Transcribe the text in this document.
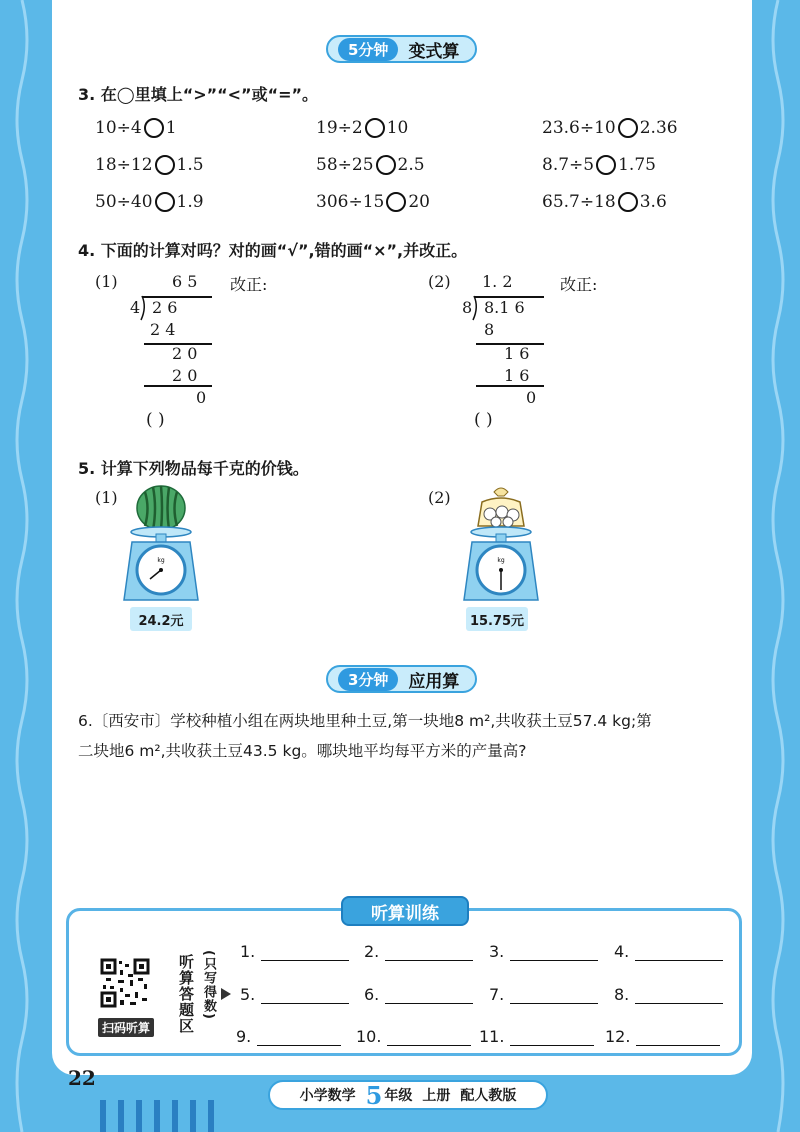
5分钟	变式算
3. 在◯里填上“>”“<”或“=”。
10÷4 1	19÷2 10	23.6÷10 2.36
18÷12 1.5	58÷25 2.5	8.7÷5 1.75
50÷40 1.9	306÷15 20	65.7÷18 3.6
4. 下面的计算对吗？对的画“√”,错的画“×”,并改正。
(1)	6 5
4 2 6
2 4
2 0
2 0
0
改正:
( )
(2) 1. 2
8 8.1 6
8
1 6
1 6
0
改正:
( )
5. 计算下列物品每千克的价钱。
(1)	(2)
kg
24.2元
kg
15.75元
3分钟	应用算
6.〔西安市〕学校种植小组在两块地里种土豆,第一块地8 m²,共收获土豆57.4 kg;第
二块地6 m²,共收获土豆43.5 kg。哪块地平均每平方米的产量高?
听算训练
扫码听算 听算答题区 (只写得数) 1.	2.	3.	4.
5.	6.	7.	8.
9.	10.	11.	12.
22
小学数学 5 年级 上册 配人教版
